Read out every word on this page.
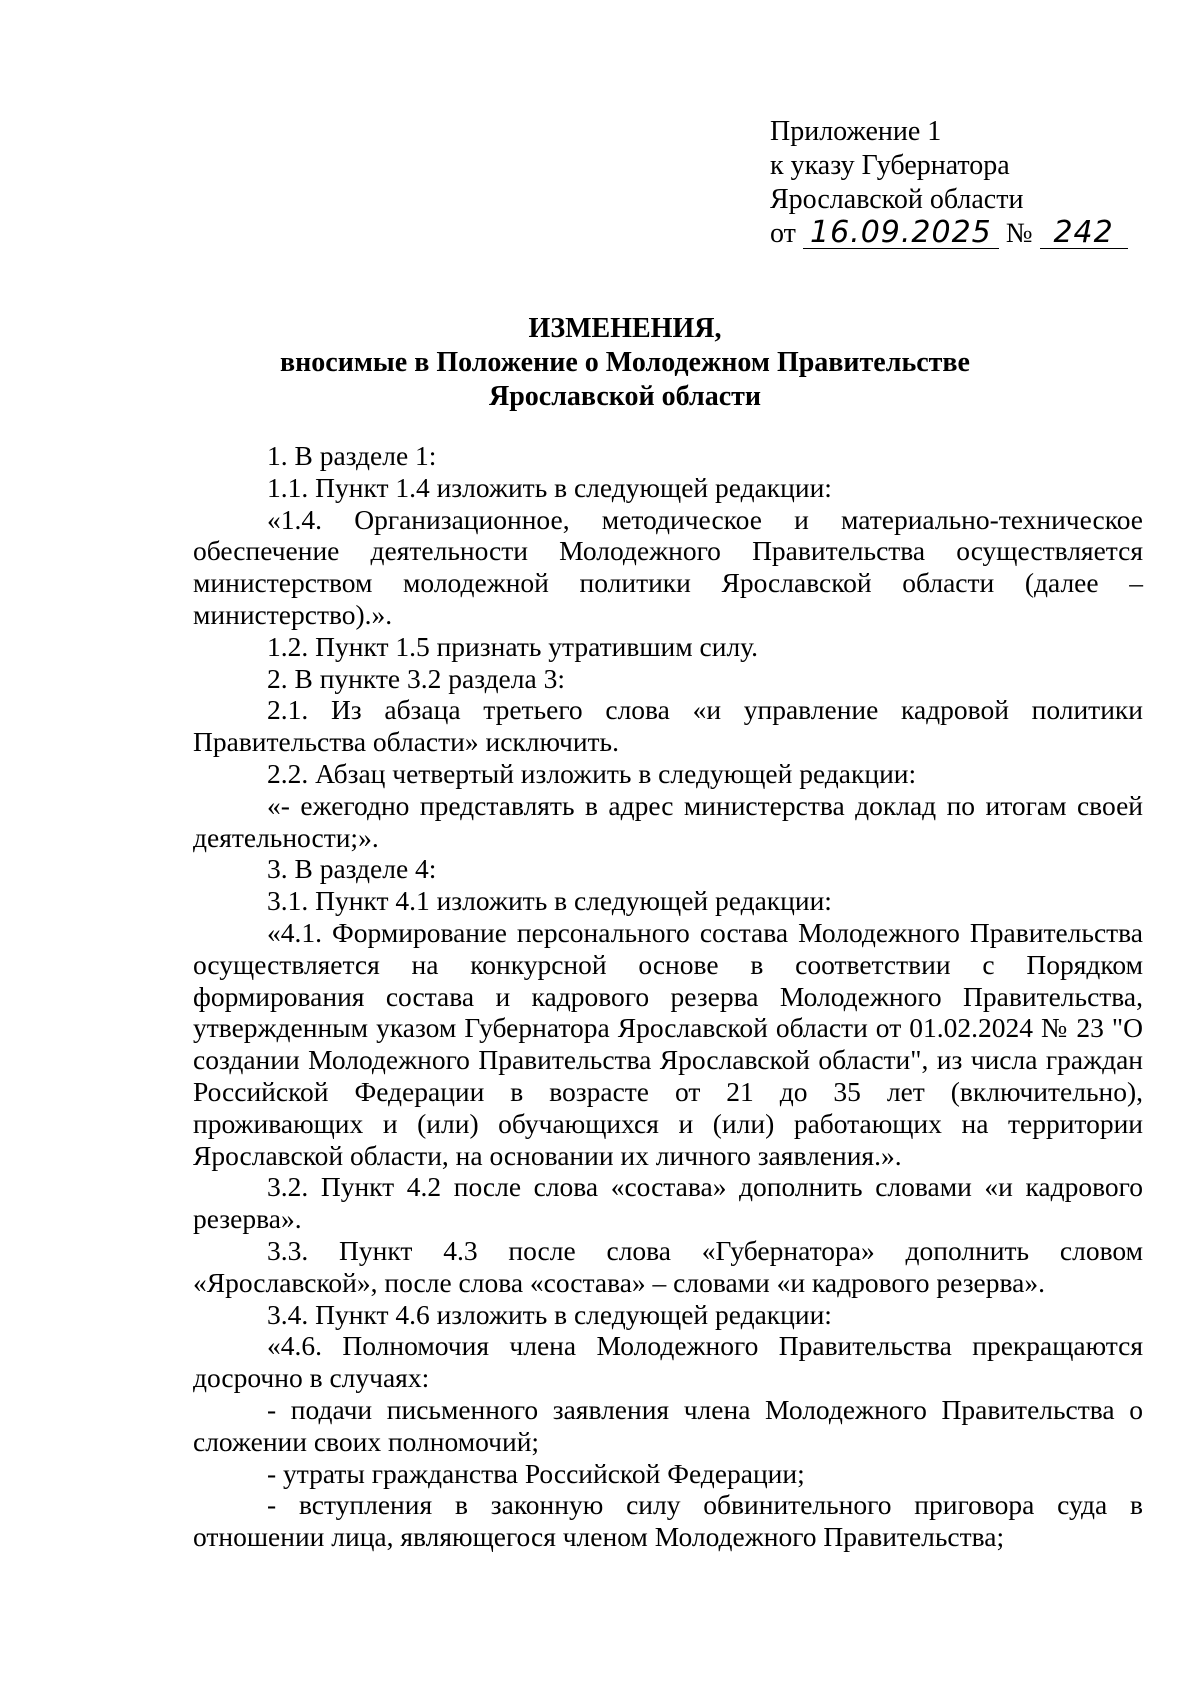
Приложение 1
к указу Губернатора
Ярославской области
от 16.09.2025 № 242
ИЗМЕНЕНИЯ,
вносимые в Положение о Молодежном Правительстве Ярославской области

1. В разделе 1:

1.1. Пункт 1.4 изложить в следующей редакции:

«1.4. Организационное, методическое и материально-техническое обеспечение деятельности Молодежного Правительства осуществляется министерством молодежной политики Ярославской области (далее – министерство).».

1.2. Пункт 1.5 признать утратившим силу.

2. В пункте 3.2 раздела 3:

2.1. Из абзаца третьего слова «и управление кадровой политики Правительства области» исключить.

2.2. Абзац четвертый изложить в следующей редакции:

«- ежегодно представлять в адрес министерства доклад по итогам своей деятельности;».

3. В разделе 4:

3.1. Пункт 4.1 изложить в следующей редакции:

«4.1. Формирование персонального состава Молодежного Правительства осуществляется на конкурсной основе в соответствии с Порядком формирования состава и кадрового резерва Молодежного Правительства, утвержденным указом Губернатора Ярославской области от 01.02.2024 № 23 "О создании Молодежного Правительства Ярославской области", из числа граждан Российской Федерации в возрасте от 21 до 35 лет (включительно), проживающих и (или) обучающихся и (или) работающих на территории Ярославской области, на основании их личного заявления.».

3.2. Пункт 4.2 после слова «состава» дополнить словами «и кадрового резерва».

3.3. Пункт 4.3 после слова «Губернатора» дополнить словом «Ярославской», после слова «состава» – словами «и кадрового резерва».

3.4. Пункт 4.6 изложить в следующей редакции:

«4.6. Полномочия члена Молодежного Правительства прекращаются досрочно в случаях:

- подачи письменного заявления члена Молодежного Правительства о сложении своих полномочий;

- утраты гражданства Российской Федерации;

- вступления в законную силу обвинительного приговора суда в отношении лица, являющегося членом Молодежного Правительства;
